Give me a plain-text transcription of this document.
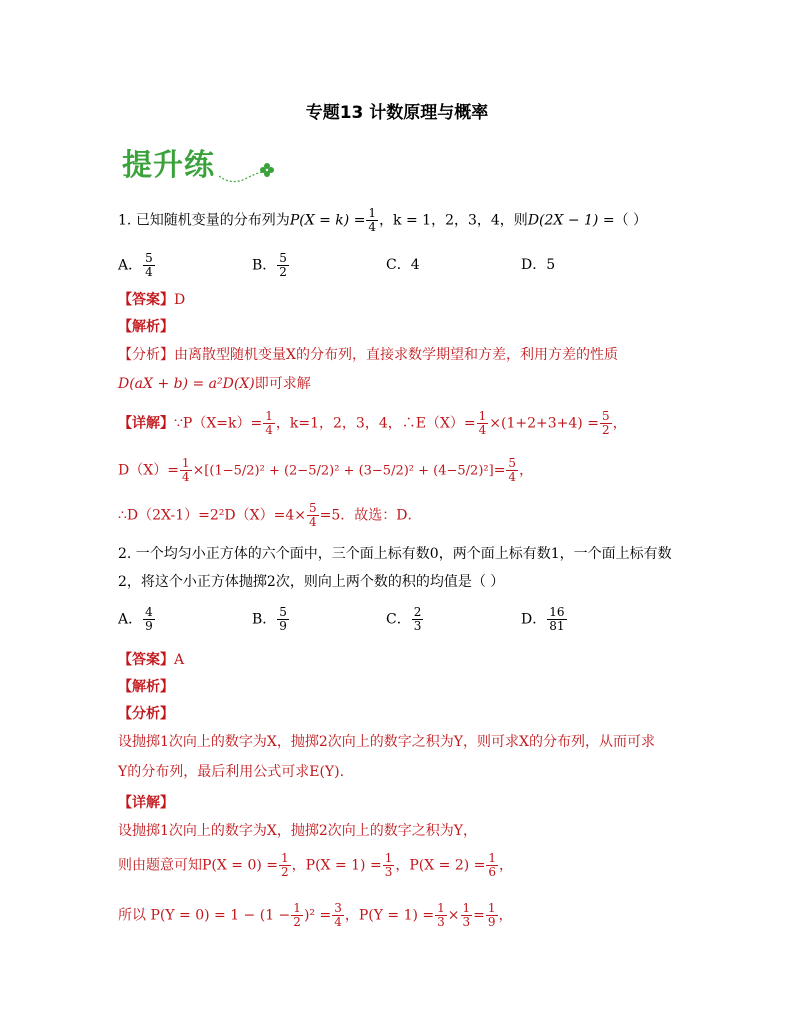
专题13 计数原理与概率
提升练
1. 已知随机变量的分布列为$P(X = k) = \frac{1}{4}$ ，k = 1，2，3，4，则D(2X − 1) =（ ）
A． $\frac{5}{4}$	B． $\frac{5}{2}$	C．4	D．5
【答案】D
【解析】
【分析】由离散型随机变量X的分布列，直接求数学期望和方差，利用方差的性质
D(aX + b) = a²D(X)即可求解
【详解】∵P（X=k）= $\frac{1}{4}$ ，k=1，2，3，4，∴E（X）= $\frac{1}{4} \times(1+2+3+4) = \frac{5}{2}$ ，
$D(X)= \frac{1}{4} \times[(1-5/2)^2 + (2-5/2)^2 + (3-5/2)^2 + (4-5/2)^2]= \frac{5}{4}$ ，
∴D（2X-1）=2²D（X）=4× $\frac{5}{4} =5$．故选：D．
2. 一个均匀小正方体的六个面中，三个面上标有数0，两个面上标有数1，一个面上标有数
2，将这个小正方体抛掷2次，则向上两个数的积的均值是（ ）
A． $\frac{4}{9}$	B． $\frac{5}{9}$	C． $\frac{2}{3}$	D． $\frac{16}{81}$
【答案】A
【解析】
【分析】
设抛掷1次向上的数字为X，抛掷2次向上的数字之积为Y，则可求X的分布列，从而可求
Y的分布列，最后利用公式可求E(Y).
【详解】
设抛掷1次向上的数字为X，抛掷2次向上的数字之积为Y，
则由题意可知$P(X = 0) = \frac{1}{2}$ ，$P(X = 1) = \frac{1}{3}$ ，$P(X = 2) = \frac{1}{6}$ ，
所以 $P(Y = 0) = 1 - (1 - \frac{1}{2} )^2 = \frac{3}{4}$ ，$P(Y = 1) = \frac{1}{3} \times \frac{1}{3} = \frac{1}{9}$ ，
